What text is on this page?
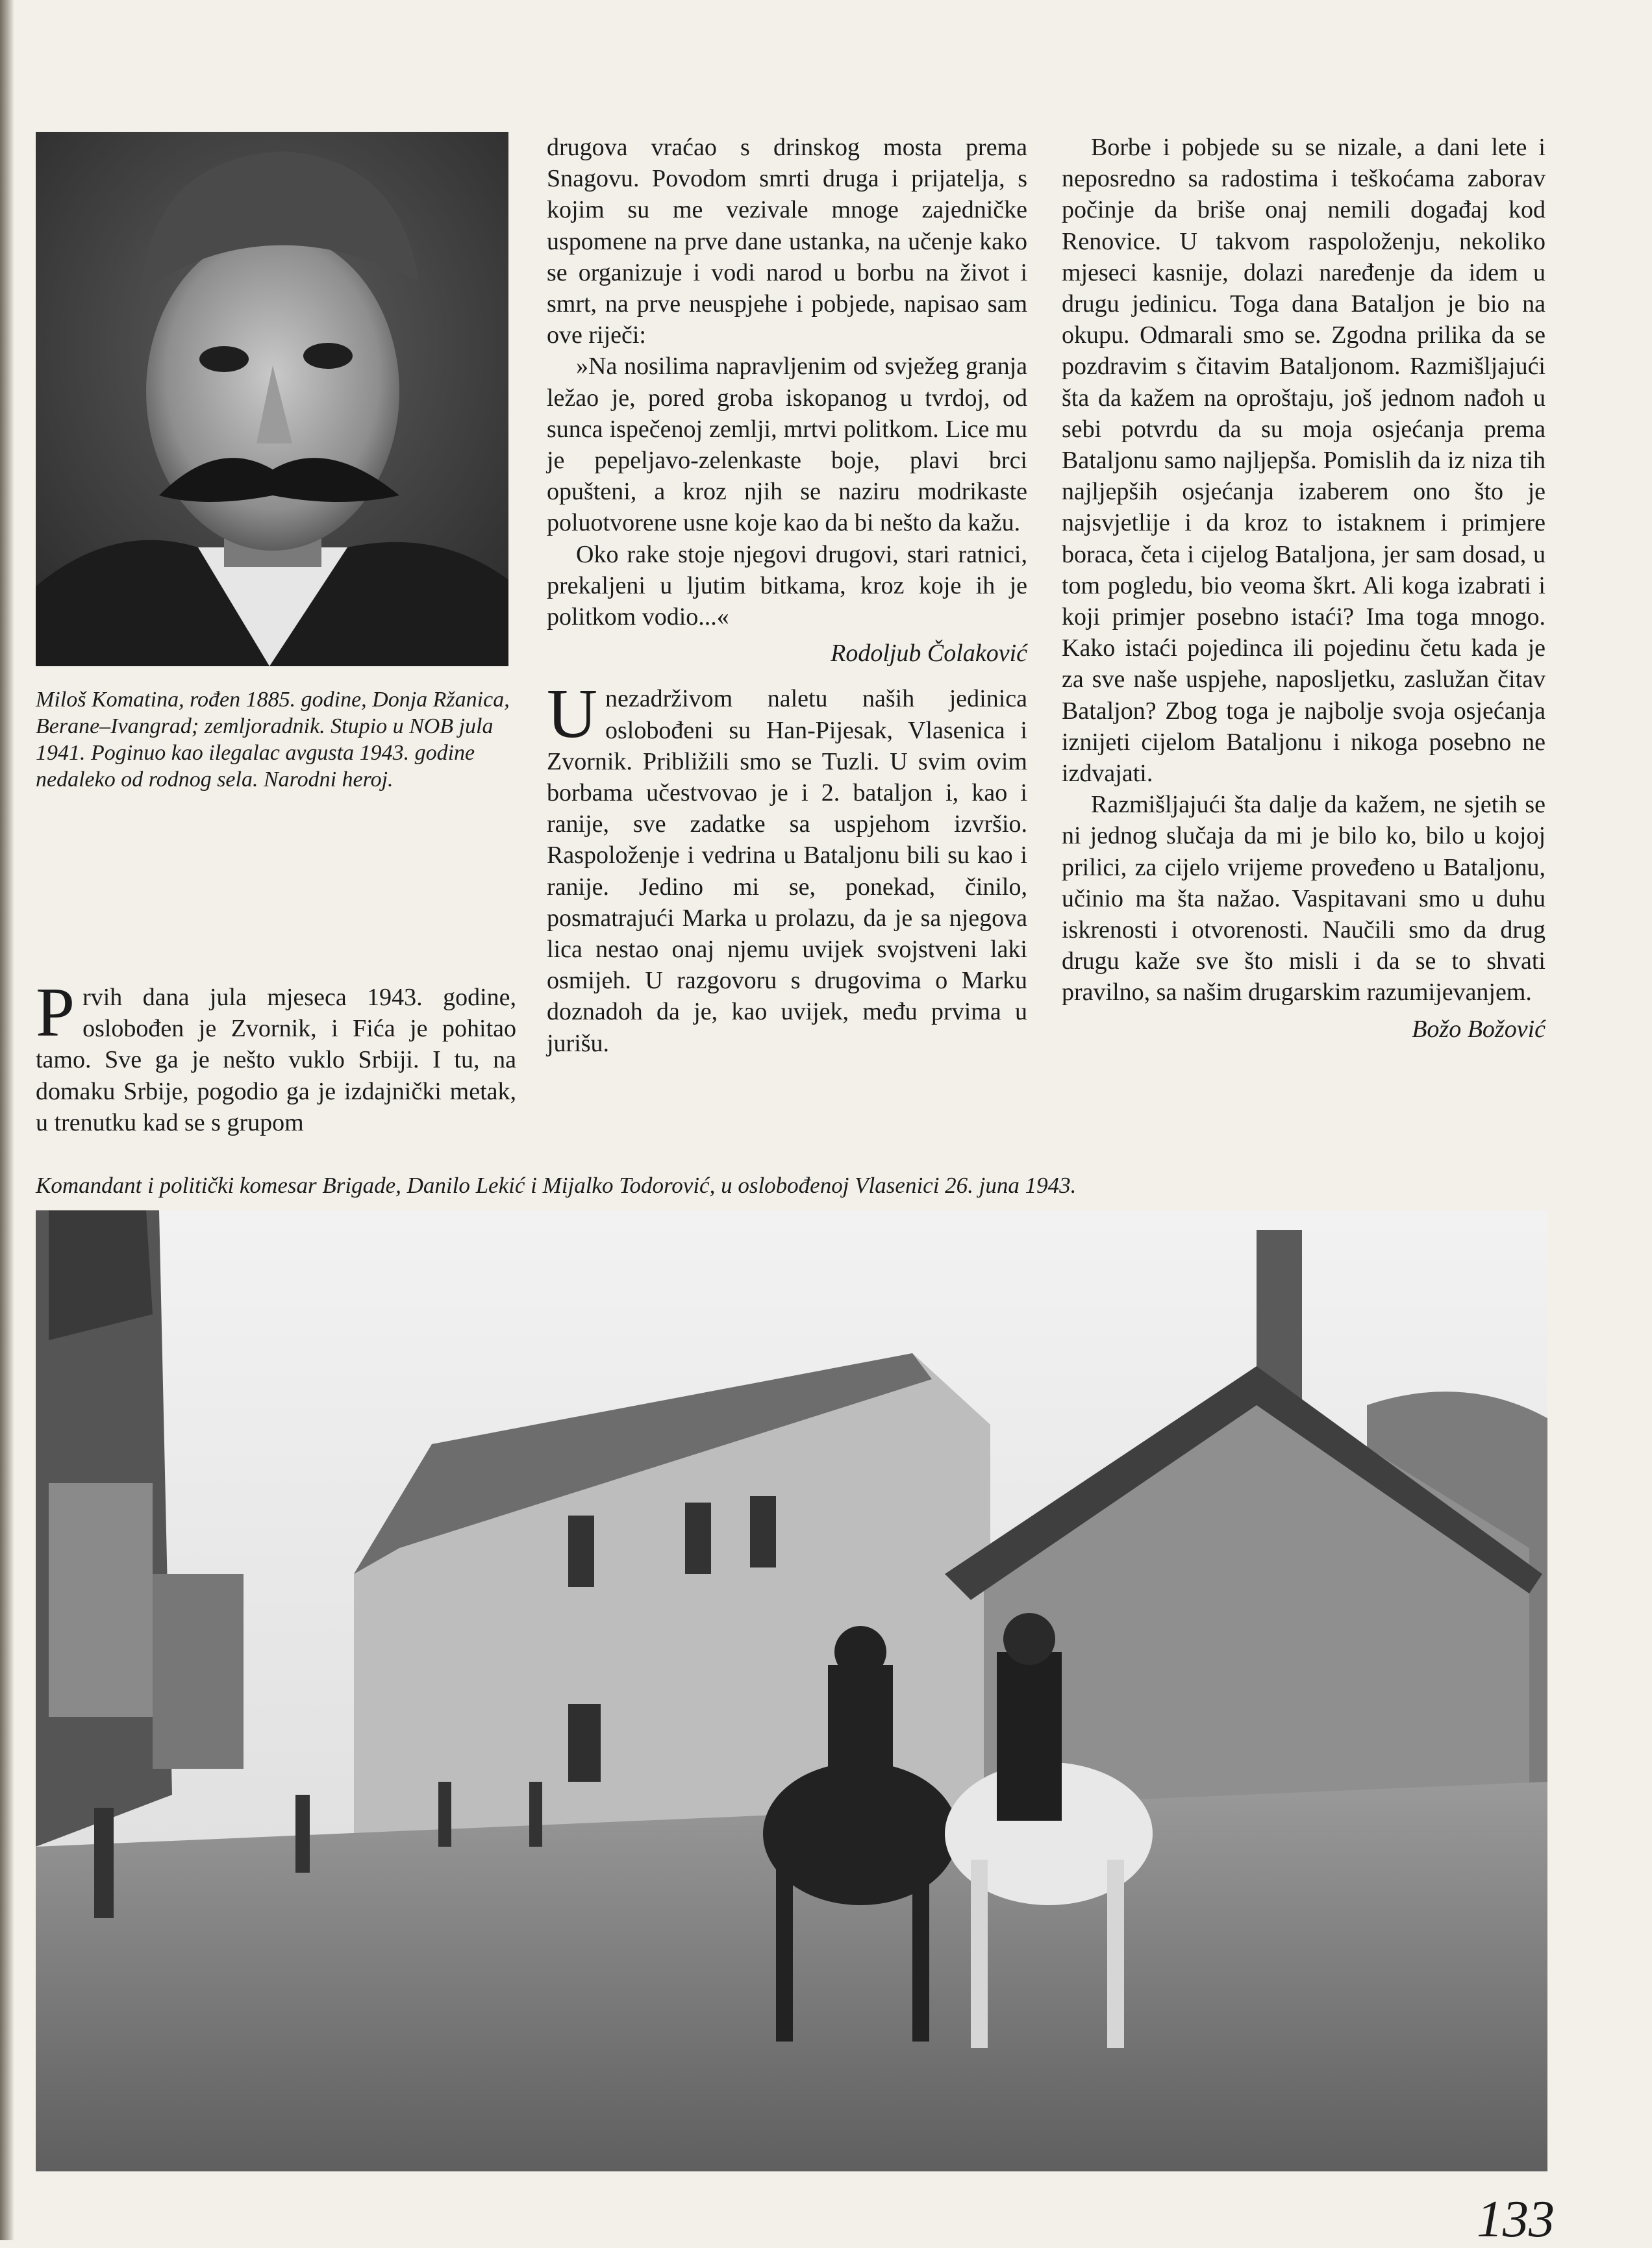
Miloš Komatina, rođen 1885. godine, Donja Ržanica, Berane–Ivangrad; zemljoradnik. Stupio u NOB jula 1941. Poginuo kao ilegalac avgusta 1943. godine nedaleko od rodnog sela. Narodni heroj.

Prvih dana jula mjeseca 1943. godine, oslobođen je Zvornik, i Fića je pohitao tamo. Sve ga je nešto vuklo Srbiji. I tu, na domaku Srbije, pogodio ga je izdajnički metak, u trenutku kad se s grupom

drugova vraćao s drinskog mosta prema Snagovu. Povodom smrti druga i prijatelja, s kojim su me vezivale mnoge zajedničke uspomene na prve dane ustanka, na učenje kako se organizuje i vodi narod u borbu na život i smrt, na prve neuspjehe i pobjede, napisao sam ove riječi:

»Na nosilima napravljenim od svježeg granja ležao je, pored groba iskopanog u tvrdoj, od sunca ispečenoj zemlji, mrtvi politkom. Lice mu je pepeljavo-zelenkaste boje, plavi brci opušteni, a kroz njih se naziru modrikaste poluotvorene usne koje kao da bi nešto da kažu.

Oko rake stoje njegovi drugovi, stari ratnici, prekaljeni u ljutim bitkama, kroz koje ih je politkom vodio...«

Rodoljub Čolaković

Unezadrživom naletu naših jedinica oslobođeni su Han-Pijesak, Vlasenica i Zvornik. Približili smo se Tuzli. U svim ovim borbama učestvovao je i 2. bataljon i, kao i ranije, sve zadatke sa uspjehom izvršio. Raspoloženje i vedrina u Bataljonu bili su kao i ranije. Jedino mi se, ponekad, činilo, posmatrajući Marka u prolazu, da je sa njegova lica nestao onaj njemu uvijek svojstveni laki osmijeh. U razgovoru s drugovima o Marku doznadoh da je, kao uvijek, među prvima u jurišu.

Borbe i pobjede su se nizale, a dani lete i neposredno sa radostima i teškoćama zaborav počinje da briše onaj nemili događaj kod Renovice. U takvom raspoloženju, nekoliko mjeseci kasnije, dolazi naređenje da idem u drugu jedinicu. Toga dana Bataljon je bio na okupu. Odmarali smo se. Zgodna prilika da se pozdravim s čitavim Bataljonom. Razmišljajući šta da kažem na oproštaju, još jednom nađoh u sebi potvrdu da su moja osjećanja prema Bataljonu samo najljepša. Pomislih da iz niza tih najljepših osjećanja izaberem ono što je najsvjetlije i da kroz to istaknem i primjere boraca, četa i cijelog Bataljona, jer sam dosad, u tom pogledu, bio veoma škrt. Ali koga izabrati i koji primjer posebno istaći? Ima toga mnogo. Kako istaći pojedinca ili pojedinu četu kada je za sve naše uspjehe, naposljetku, zaslužan čitav Bataljon? Zbog toga je najbolje svoja osjećanja iznijeti cijelom Bataljonu i nikoga posebno ne izdvajati.

Razmišljajući šta dalje da kažem, ne sjetih se ni jednog slučaja da mi je bilo ko, bilo u kojoj prilici, za cijelo vrijeme proveđeno u Bataljonu, učinio ma šta nažao. Vaspitavani smo u duhu iskrenosti i otvorenosti. Naučili smo da drug drugu kaže sve što misli i da se to shvati pravilno, sa našim drugarskim razumijevanjem.

Božo Božović

Komandant i politički komesar Brigade, Danilo Lekić i Mijalko Todorović, u oslobođenoj Vlasenici 26. juna 1943.
133
